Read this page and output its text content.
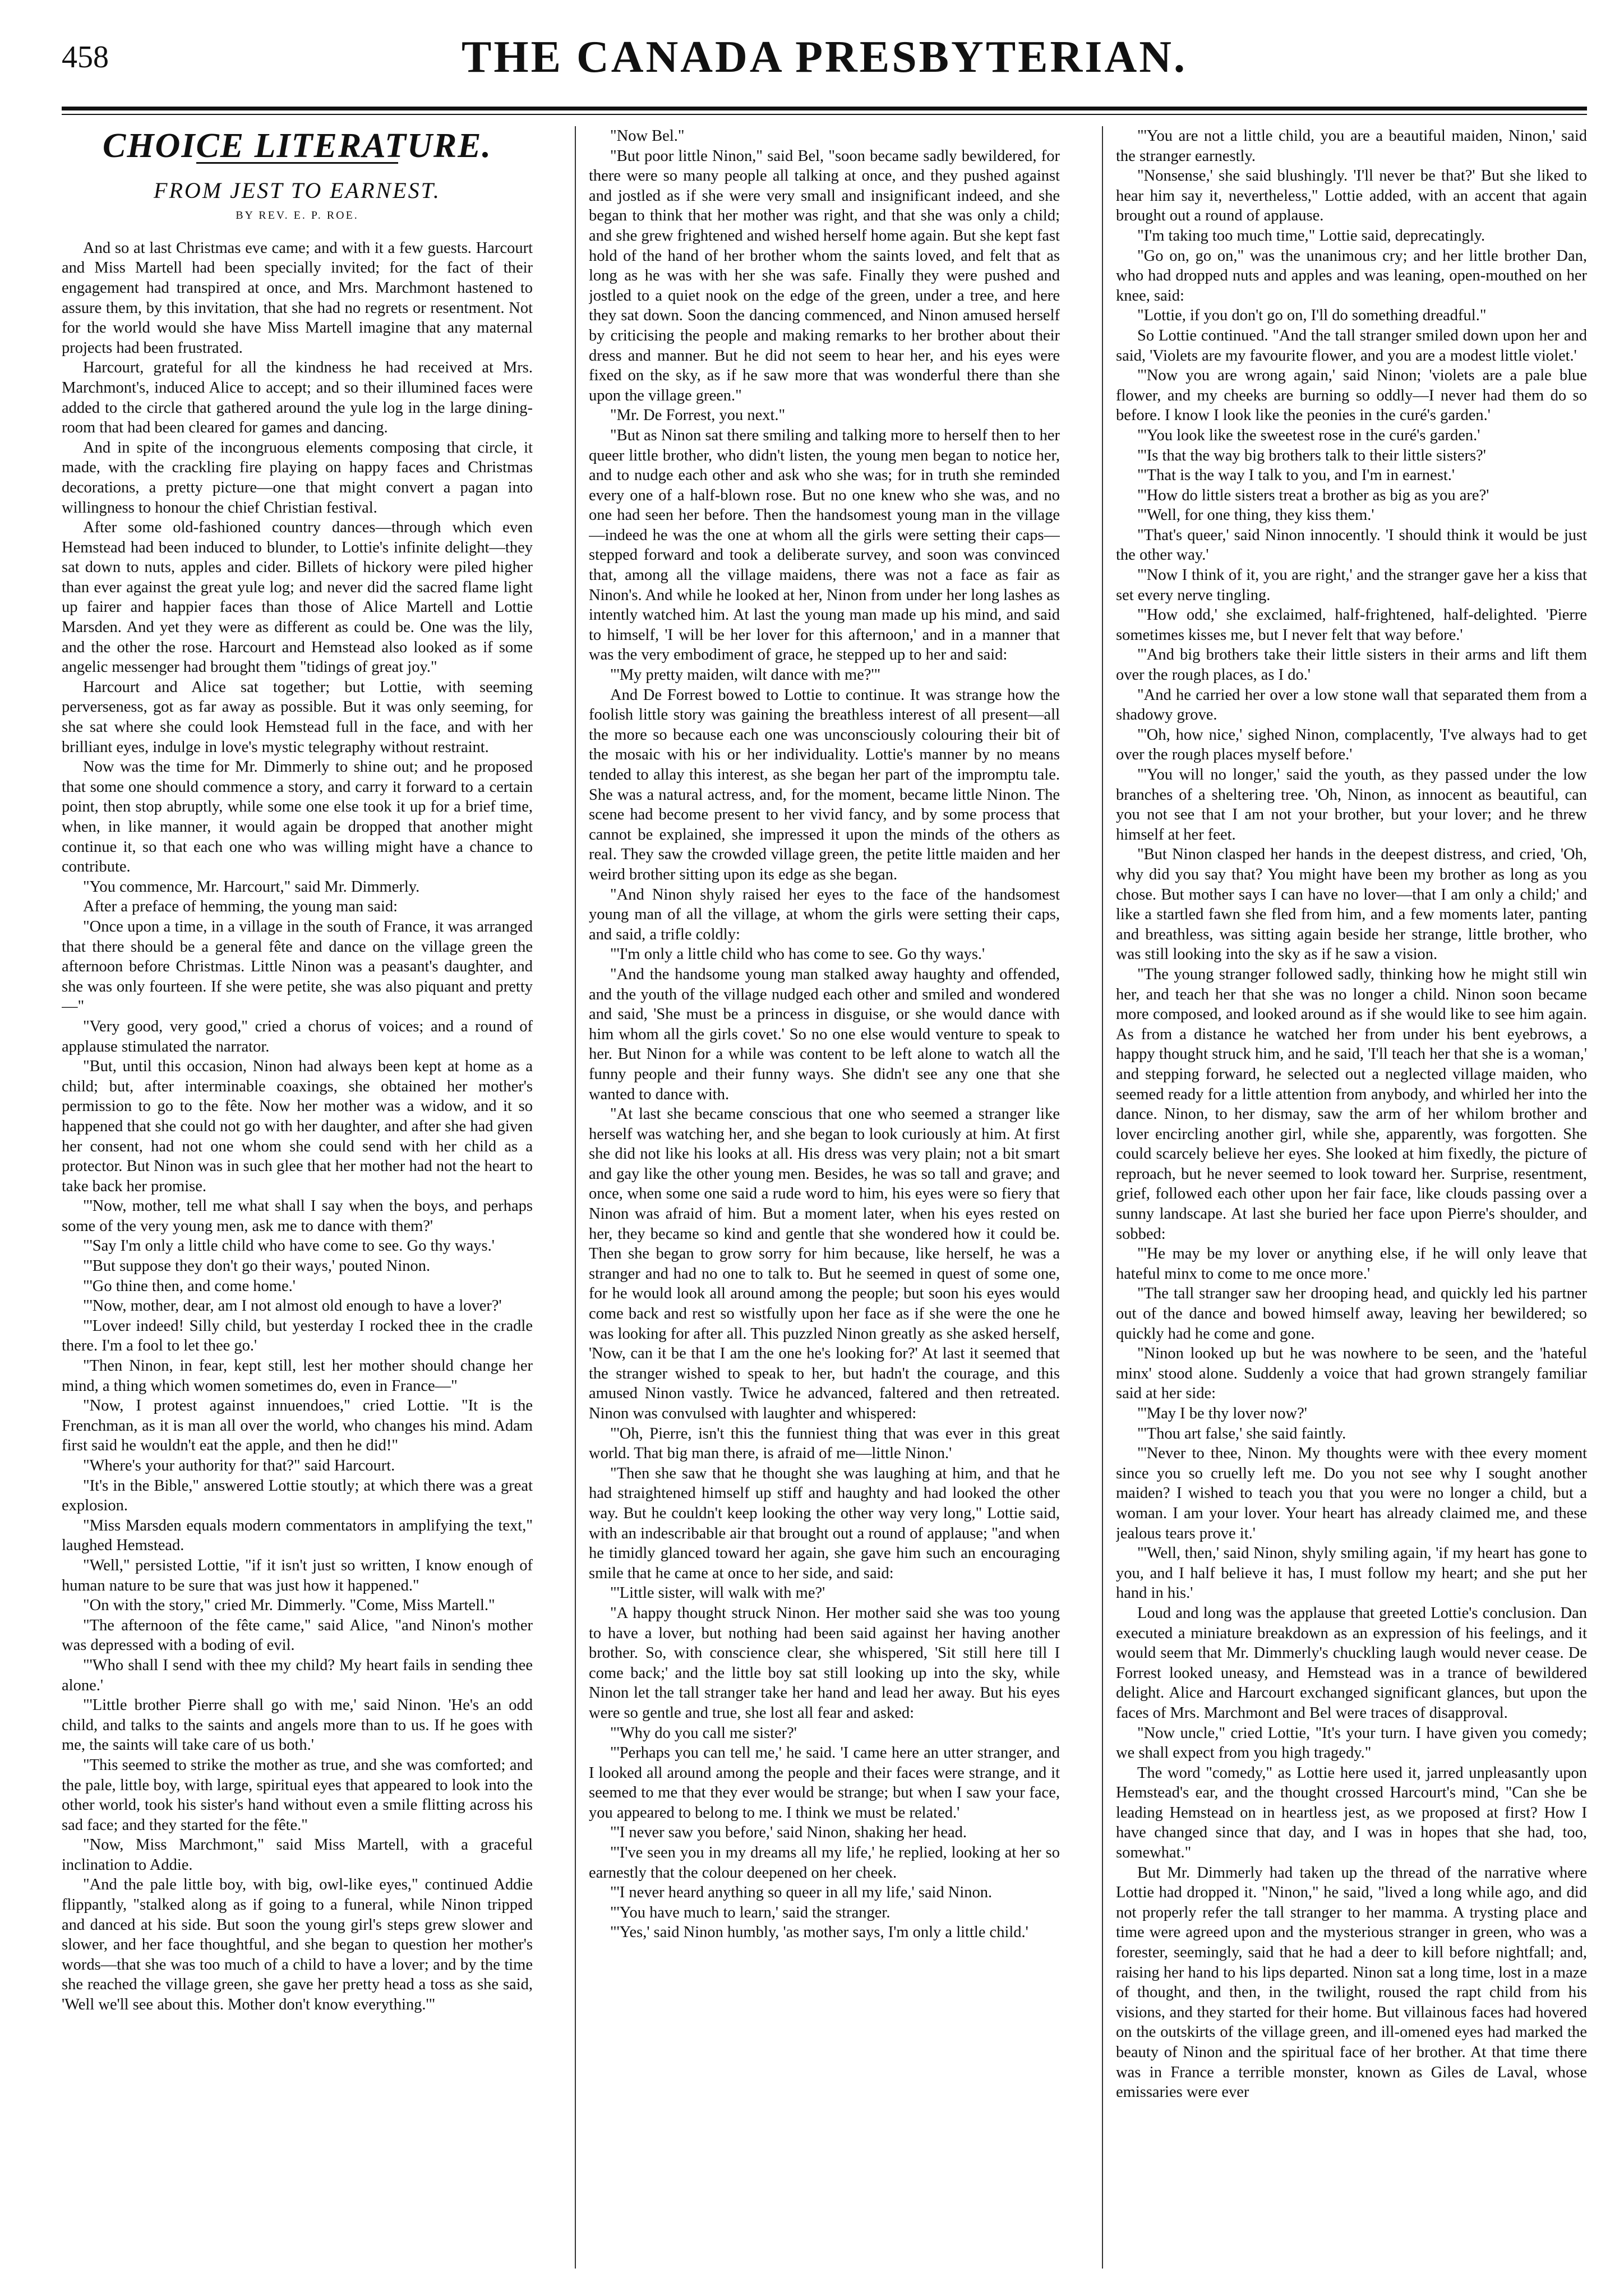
458	THE CANADA PRESBYTERIAN.
CHOICE LITERATURE.
FROM JEST TO EARNEST.
BY REV. E. P. ROE.

And so at last Christmas eve came; and with it a few guests. Harcourt and Miss Martell had been specially invited; for the fact of their engagement had transpired at once, and Mrs. Marchmont hastened to assure them, by this invitation, that she had no regrets or resentment. Not for the world would she have Miss Martell imagine that any maternal projects had been frustrated.

Harcourt, grateful for all the kindness he had received at Mrs. Marchmont's, induced Alice to accept; and so their illumined faces were added to the circle that gathered around the yule log in the large dining-room that had been cleared for games and dancing.

And in spite of the incongruous elements composing that circle, it made, with the crackling fire playing on happy faces and Christmas decorations, a pretty picture—one that might convert a pagan into willingness to honour the chief Christian festival.

After some old-fashioned country dances—through which even Hemstead had been induced to blunder, to Lottie's infinite delight—they sat down to nuts, apples and cider. Billets of hickory were piled higher than ever against the great yule log; and never did the sacred flame light up fairer and happier faces than those of Alice Martell and Lottie Marsden. And yet they were as different as could be. One was the lily, and the other the rose. Harcourt and Hemstead also looked as if some angelic messenger had brought them "tidings of great joy."

Harcourt and Alice sat together; but Lottie, with seeming perverseness, got as far away as possible. But it was only seeming, for she sat where she could look Hemstead full in the face, and with her brilliant eyes, indulge in love's mystic telegraphy without restraint.

Now was the time for Mr. Dimmerly to shine out; and he proposed that some one should commence a story, and carry it forward to a certain point, then stop abruptly, while some one else took it up for a brief time, when, in like manner, it would again be dropped that another might continue it, so that each one who was willing might have a chance to contribute.

"You commence, Mr. Harcourt," said Mr. Dimmerly.

After a preface of hemming, the young man said:

"Once upon a time, in a village in the south of France, it was arranged that there should be a general fête and dance on the village green the afternoon before Christmas. Little Ninon was a peasant's daughter, and she was only fourteen. If she were petite, she was also piquant and pretty—"

"Very good, very good," cried a chorus of voices; and a round of applause stimulated the narrator.

"But, until this occasion, Ninon had always been kept at home as a child; but, after interminable coaxings, she obtained her mother's permission to go to the fête. Now her mother was a widow, and it so happened that she could not go with her daughter, and after she had given her consent, had not one whom she could send with her child as a protector. But Ninon was in such glee that her mother had not the heart to take back her promise.

"'Now, mother, tell me what shall I say when the boys, and perhaps some of the very young men, ask me to dance with them?'

"'Say I'm only a little child who have come to see. Go thy ways.'

"'But suppose they don't go their ways,' pouted Ninon.

"'Go thine then, and come home.'

"'Now, mother, dear, am I not almost old enough to have a lover?'

"'Lover indeed! Silly child, but yesterday I rocked thee in the cradle there. I'm a fool to let thee go.'

"Then Ninon, in fear, kept still, lest her mother should change her mind, a thing which women sometimes do, even in France—"

"Now, I protest against innuendoes," cried Lottie. "It is the Frenchman, as it is man all over the world, who changes his mind. Adam first said he wouldn't eat the apple, and then he did!"

"Where's your authority for that?" said Harcourt.

"It's in the Bible," answered Lottie stoutly; at which there was a great explosion.

"Miss Marsden equals modern commentators in amplifying the text," laughed Hemstead.

"Well," persisted Lottie, "if it isn't just so written, I know enough of human nature to be sure that was just how it happened."

"On with the story," cried Mr. Dimmerly. "Come, Miss Martell."

"The afternoon of the fête came," said Alice, "and Ninon's mother was depressed with a boding of evil.

"'Who shall I send with thee my child? My heart fails in sending thee alone.'

"'Little brother Pierre shall go with me,' said Ninon. 'He's an odd child, and talks to the saints and angels more than to us. If he goes with me, the saints will take care of us both.'

"This seemed to strike the mother as true, and she was comforted; and the pale, little boy, with large, spiritual eyes that appeared to look into the other world, took his sister's hand without even a smile flitting across his sad face; and they started for the fête."

"Now, Miss Marchmont," said Miss Martell, with a graceful inclination to Addie.

"And the pale little boy, with big, owl-like eyes," continued Addie flippantly, "stalked along as if going to a funeral, while Ninon tripped and danced at his side. But soon the young girl's steps grew slower and slower, and her face thoughtful, and she began to question her mother's words—that she was too much of a child to have a lover; and by the time she reached the village green, she gave her pretty head a toss as she said, 'Well we'll see about this. Mother don't know everything.'"

"Now Bel."

"But poor little Ninon," said Bel, "soon became sadly bewildered, for there were so many people all talking at once, and they pushed against and jostled as if she were very small and insignificant indeed, and she began to think that her mother was right, and that she was only a child; and she grew frightened and wished herself home again. But she kept fast hold of the hand of her brother whom the saints loved, and felt that as long as he was with her she was safe. Finally they were pushed and jostled to a quiet nook on the edge of the green, under a tree, and here they sat down. Soon the dancing commenced, and Ninon amused herself by criticising the people and making remarks to her brother about their dress and manner. But he did not seem to hear her, and his eyes were fixed on the sky, as if he saw more that was wonderful there than she upon the village green."

"Mr. De Forrest, you next."

"But as Ninon sat there smiling and talking more to herself then to her queer little brother, who didn't listen, the young men began to notice her, and to nudge each other and ask who she was; for in truth she reminded every one of a half-blown rose. But no one knew who she was, and no one had seen her before. Then the handsomest young man in the village—indeed he was the one at whom all the girls were setting their caps—stepped forward and took a deliberate survey, and soon was convinced that, among all the village maidens, there was not a face as fair as Ninon's. And while he looked at her, Ninon from under her long lashes as intently watched him. At last the young man made up his mind, and said to himself, 'I will be her lover for this afternoon,' and in a manner that was the very embodiment of grace, he stepped up to her and said:

"'My pretty maiden, wilt dance with me?'"

And De Forrest bowed to Lottie to continue. It was strange how the foolish little story was gaining the breathless interest of all present—all the more so because each one was unconsciously colouring their bit of the mosaic with his or her individuality. Lottie's manner by no means tended to allay this interest, as she began her part of the impromptu tale. She was a natural actress, and, for the moment, became little Ninon. The scene had become present to her vivid fancy, and by some process that cannot be explained, she impressed it upon the minds of the others as real. They saw the crowded village green, the petite little maiden and her weird brother sitting upon its edge as she began.

"And Ninon shyly raised her eyes to the face of the handsomest young man of all the village, at whom the girls were setting their caps, and said, a trifle coldly:

"'I'm only a little child who has come to see. Go thy ways.'

"And the handsome young man stalked away haughty and offended, and the youth of the village nudged each other and smiled and wondered and said, 'She must be a princess in disguise, or she would dance with him whom all the girls covet.' So no one else would venture to speak to her. But Ninon for a while was content to be left alone to watch all the funny people and their funny ways. She didn't see any one that she wanted to dance with.

"At last she became conscious that one who seemed a stranger like herself was watching her, and she began to look curiously at him. At first she did not like his looks at all. His dress was very plain; not a bit smart and gay like the other young men. Besides, he was so tall and grave; and once, when some one said a rude word to him, his eyes were so fiery that Ninon was afraid of him. But a moment later, when his eyes rested on her, they became so kind and gentle that she wondered how it could be. Then she began to grow sorry for him because, like herself, he was a stranger and had no one to talk to. But he seemed in quest of some one, for he would look all around among the people; but soon his eyes would come back and rest so wistfully upon her face as if she were the one he was looking for after all. This puzzled Ninon greatly as she asked herself, 'Now, can it be that I am the one he's looking for?' At last it seemed that the stranger wished to speak to her, but hadn't the courage, and this amused Ninon vastly. Twice he advanced, faltered and then retreated. Ninon was convulsed with laughter and whispered:

"'Oh, Pierre, isn't this the funniest thing that was ever in this great world. That big man there, is afraid of me—little Ninon.'

"Then she saw that he thought she was laughing at him, and that he had straightened himself up stiff and haughty and had looked the other way. But he couldn't keep looking the other way very long," Lottie said, with an indescribable air that brought out a round of applause; "and when he timidly glanced toward her again, she gave him such an encouraging smile that he came at once to her side, and said:

"'Little sister, will walk with me?'

"A happy thought struck Ninon. Her mother said she was too young to have a lover, but nothing had been said against her having another brother. So, with conscience clear, she whispered, 'Sit still here till I come back;' and the little boy sat still looking up into the sky, while Ninon let the tall stranger take her hand and lead her away. But his eyes were so gentle and true, she lost all fear and asked:

"'Why do you call me sister?'

"'Perhaps you can tell me,' he said. 'I came here an utter stranger, and I looked all around among the people and their faces were strange, and it seemed to me that they ever would be strange; but when I saw your face, you appeared to belong to me. I think we must be related.'

"'I never saw you before,' said Ninon, shaking her head.

"'I've seen you in my dreams all my life,' he replied, looking at her so earnestly that the colour deepened on her cheek.

"'I never heard anything so queer in all my life,' said Ninon.

"'You have much to learn,' said the stranger.

"'Yes,' said Ninon humbly, 'as mother says, I'm only a little child.'

"'You are not a little child, you are a beautiful maiden, Ninon,' said the stranger earnestly.

"Nonsense,' she said blushingly. 'I'll never be that?' But she liked to hear him say it, nevertheless," Lottie added, with an accent that again brought out a round of applause.

"I'm taking too much time," Lottie said, deprecatingly.

"Go on, go on," was the unanimous cry; and her little brother Dan, who had dropped nuts and apples and was leaning, open-mouthed on her knee, said:

"Lottie, if you don't go on, I'll do something dreadful."

So Lottie continued. "And the tall stranger smiled down upon her and said, 'Violets are my favourite flower, and you are a modest little violet.'

"'Now you are wrong again,' said Ninon; 'violets are a pale blue flower, and my cheeks are burning so oddly—I never had them do so before. I know I look like the peonies in the curé's garden.'

"'You look like the sweetest rose in the curé's garden.'

"'Is that the way big brothers talk to their little sisters?'

"'That is the way I talk to you, and I'm in earnest.'

"'How do little sisters treat a brother as big as you are?'

"'Well, for one thing, they kiss them.'

"That's queer,' said Ninon innocently. 'I should think it would be just the other way.'

"'Now I think of it, you are right,' and the stranger gave her a kiss that set every nerve tingling.

"'How odd,' she exclaimed, half-frightened, half-delighted. 'Pierre sometimes kisses me, but I never felt that way before.'

"'And big brothers take their little sisters in their arms and lift them over the rough places, as I do.'

"And he carried her over a low stone wall that separated them from a shadowy grove.

"'Oh, how nice,' sighed Ninon, complacently, 'I've always had to get over the rough places myself before.'

"'You will no longer,' said the youth, as they passed under the low branches of a sheltering tree. 'Oh, Ninon, as innocent as beautiful, can you not see that I am not your brother, but your lover; and he threw himself at her feet.

"But Ninon clasped her hands in the deepest distress, and cried, 'Oh, why did you say that? You might have been my brother as long as you chose. But mother says I can have no lover—that I am only a child;' and like a startled fawn she fled from him, and a few moments later, panting and breathless, was sitting again beside her strange, little brother, who was still looking into the sky as if he saw a vision.

"The young stranger followed sadly, thinking how he might still win her, and teach her that she was no longer a child. Ninon soon became more composed, and looked around as if she would like to see him again. As from a distance he watched her from under his bent eyebrows, a happy thought struck him, and he said, 'I'll teach her that she is a woman,' and stepping forward, he selected out a neglected village maiden, who seemed ready for a little attention from anybody, and whirled her into the dance. Ninon, to her dismay, saw the arm of her whilom brother and lover encircling another girl, while she, apparently, was forgotten. She could scarcely believe her eyes. She looked at him fixedly, the picture of reproach, but he never seemed to look toward her. Surprise, resentment, grief, followed each other upon her fair face, like clouds passing over a sunny landscape. At last she buried her face upon Pierre's shoulder, and sobbed:

"'He may be my lover or anything else, if he will only leave that hateful minx to come to me once more.'

"The tall stranger saw her drooping head, and quickly led his partner out of the dance and bowed himself away, leaving her bewildered; so quickly had he come and gone.

"Ninon looked up but he was nowhere to be seen, and the 'hateful minx' stood alone. Suddenly a voice that had grown strangely familiar said at her side:

"'May I be thy lover now?'

"'Thou art false,' she said faintly.

"'Never to thee, Ninon. My thoughts were with thee every moment since you so cruelly left me. Do you not see why I sought another maiden? I wished to teach you that you were no longer a child, but a woman. I am your lover. Your heart has already claimed me, and these jealous tears prove it.'

"'Well, then,' said Ninon, shyly smiling again, 'if my heart has gone to you, and I half believe it has, I must follow my heart; and she put her hand in his.'

Loud and long was the applause that greeted Lottie's conclusion. Dan executed a miniature breakdown as an expression of his feelings, and it would seem that Mr. Dimmerly's chuckling laugh would never cease. De Forrest looked uneasy, and Hemstead was in a trance of bewildered delight. Alice and Harcourt exchanged significant glances, but upon the faces of Mrs. Marchmont and Bel were traces of disapproval.

"Now uncle," cried Lottie, "It's your turn. I have given you comedy; we shall expect from you high tragedy."

The word "comedy," as Lottie here used it, jarred unpleasantly upon Hemstead's ear, and the thought crossed Harcourt's mind, "Can she be leading Hemstead on in heartless jest, as we proposed at first? How I have changed since that day, and I was in hopes that she had, too, somewhat."

But Mr. Dimmerly had taken up the thread of the narrative where Lottie had dropped it. "Ninon," he said, "lived a long while ago, and did not properly refer the tall stranger to her mamma. A trysting place and time were agreed upon and the mysterious stranger in green, who was a forester, seemingly, said that he had a deer to kill before nightfall; and, raising her hand to his lips departed. Ninon sat a long time, lost in a maze of thought, and then, in the twilight, roused the rapt child from his visions, and they started for their home. But villainous faces had hovered on the outskirts of the village green, and ill-omened eyes had marked the beauty of Ninon and the spiritual face of her brother. At that time there was in France a terrible monster, known as Giles de Laval, whose emissaries were ever
